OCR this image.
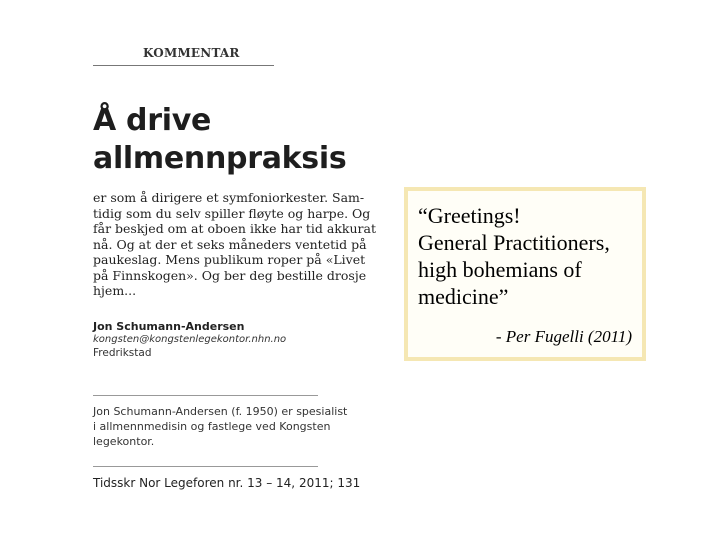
KOMMENTAR
Å drive
allmennpraksis
er som å dirigere et symfoniorkester. Sam-
tidig som du selv spiller fløyte og harpe. Og
får beskjed om at oboen ikke har tid akkurat
nå. Og at der et seks måneders ventetid på
paukeslag. Mens publikum roper på «Livet
på Finnskogen». Og ber deg bestille drosje
hjem...
Jon Schumann-Andersen
kongsten@kongstenlegekontor.nhn.no
Fredrikstad
Jon Schumann-Andersen (f. 1950) er spesialist
i allmennmedisin og fastlege ved Kongsten
legekontor.
Tidsskr Nor Legeforen nr. 13 – 14, 2011; 131
“Greetings!
General Practitioners,
high bohemians of
medicine”
- Per Fugelli (2011)
